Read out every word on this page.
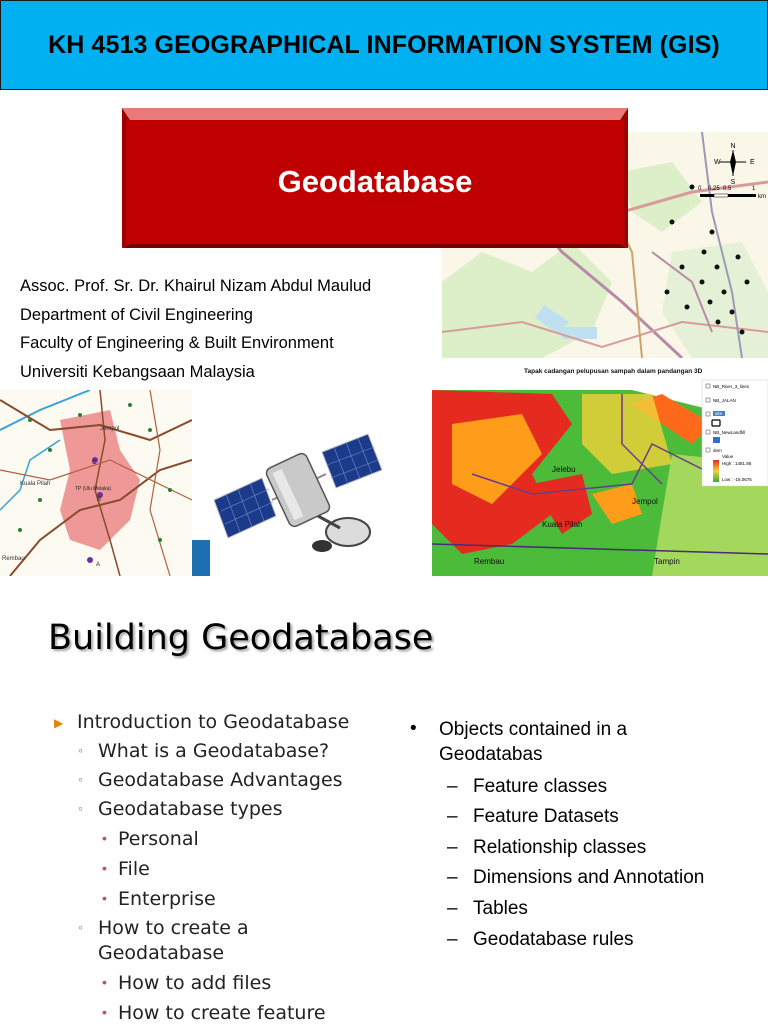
KH 4513 GEOGRAPHICAL INFORMATION SYSTEM (GIS)
N
S
E
W
0 0.25 0.5	1
km
Geodatabase
Assoc. Prof. Sr. Dr. Khairul Nizam Abdul Maulud
Department of Civil Engineering
Faculty of Engineering & Built Environment
Universiti Kebangsaan Malaysia
Jempol
Kuala Pilah
Rembau
A
B
C
TP (Ulu Melaka)
Tapak cadangan pelupusan sampah dalam pandangan 3D
Jelebu
Jempol
Kuala Pilah
Rembau	Tampin
NB_River_3_lines
NB_JALAN
site
NB_NewLandfill
dem
Value
High : 1481.86
Low : -18.0675
Building Geodatabase
▶ Introduction to Geodatabase
◦ What is a Geodatabase?
◦ Geodatabase Advantages
◦ Geodatabase types
• Personal
• File
• Enterprise
◦ How to create a
Geodatabase
• How to add files
• How to create feature
• Objects contained in a
Geodatabas
– Feature classes
– Feature Datasets
– Relationship classes
– Dimensions and Annotation
– Tables
– Geodatabase rules
